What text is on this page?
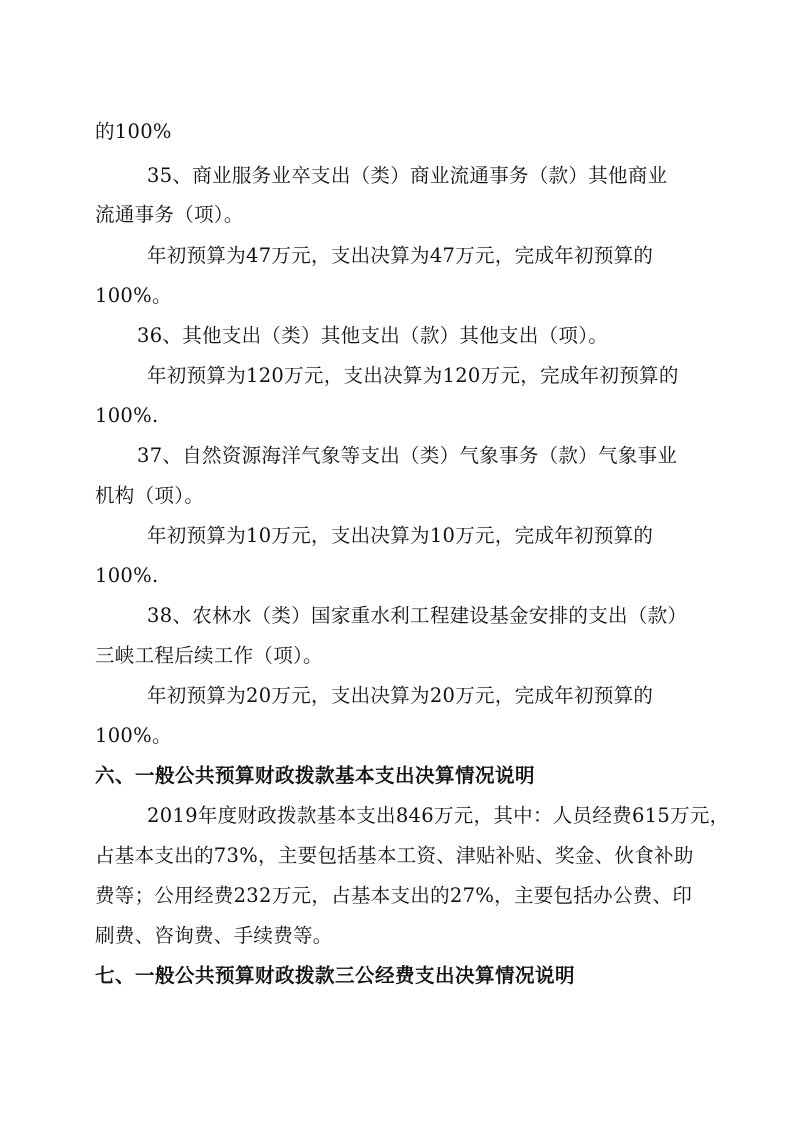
的100%
35、商业服务业卒支出（类）商业流通事务（款）其他商业
流通事务（项）。
年初预算为47万元，支出决算为47万元，完成年初预算的
100%。
36、其他支出（类）其他支出（款）其他支出（项）。
年初预算为120万元，支出决算为120万元，完成年初预算的
100%.
37、自然资源海洋气象等支出（类）气象事务（款）气象事业
机构（项）。
年初预算为10万元，支出决算为10万元，完成年初预算的
100%.
38、农林水（类）国家重水利工程建设基金安排的支出（款）
三峡工程后续工作（项）。
年初预算为20万元，支出决算为20万元，完成年初预算的
100%。
六、一般公共预算财政拨款基本支出决算情况说明
2019年度财政拨款基本支出846万元，其中：人员经费615万元，
占基本支出的73%，主要包括基本工资、津贴补贴、奖金、伙食补助
费等；公用经费232万元，占基本支出的27%，主要包括办公费、印
刷费、咨询费、手续费等。
七、一般公共预算财政拨款三公经费支出决算情况说明
